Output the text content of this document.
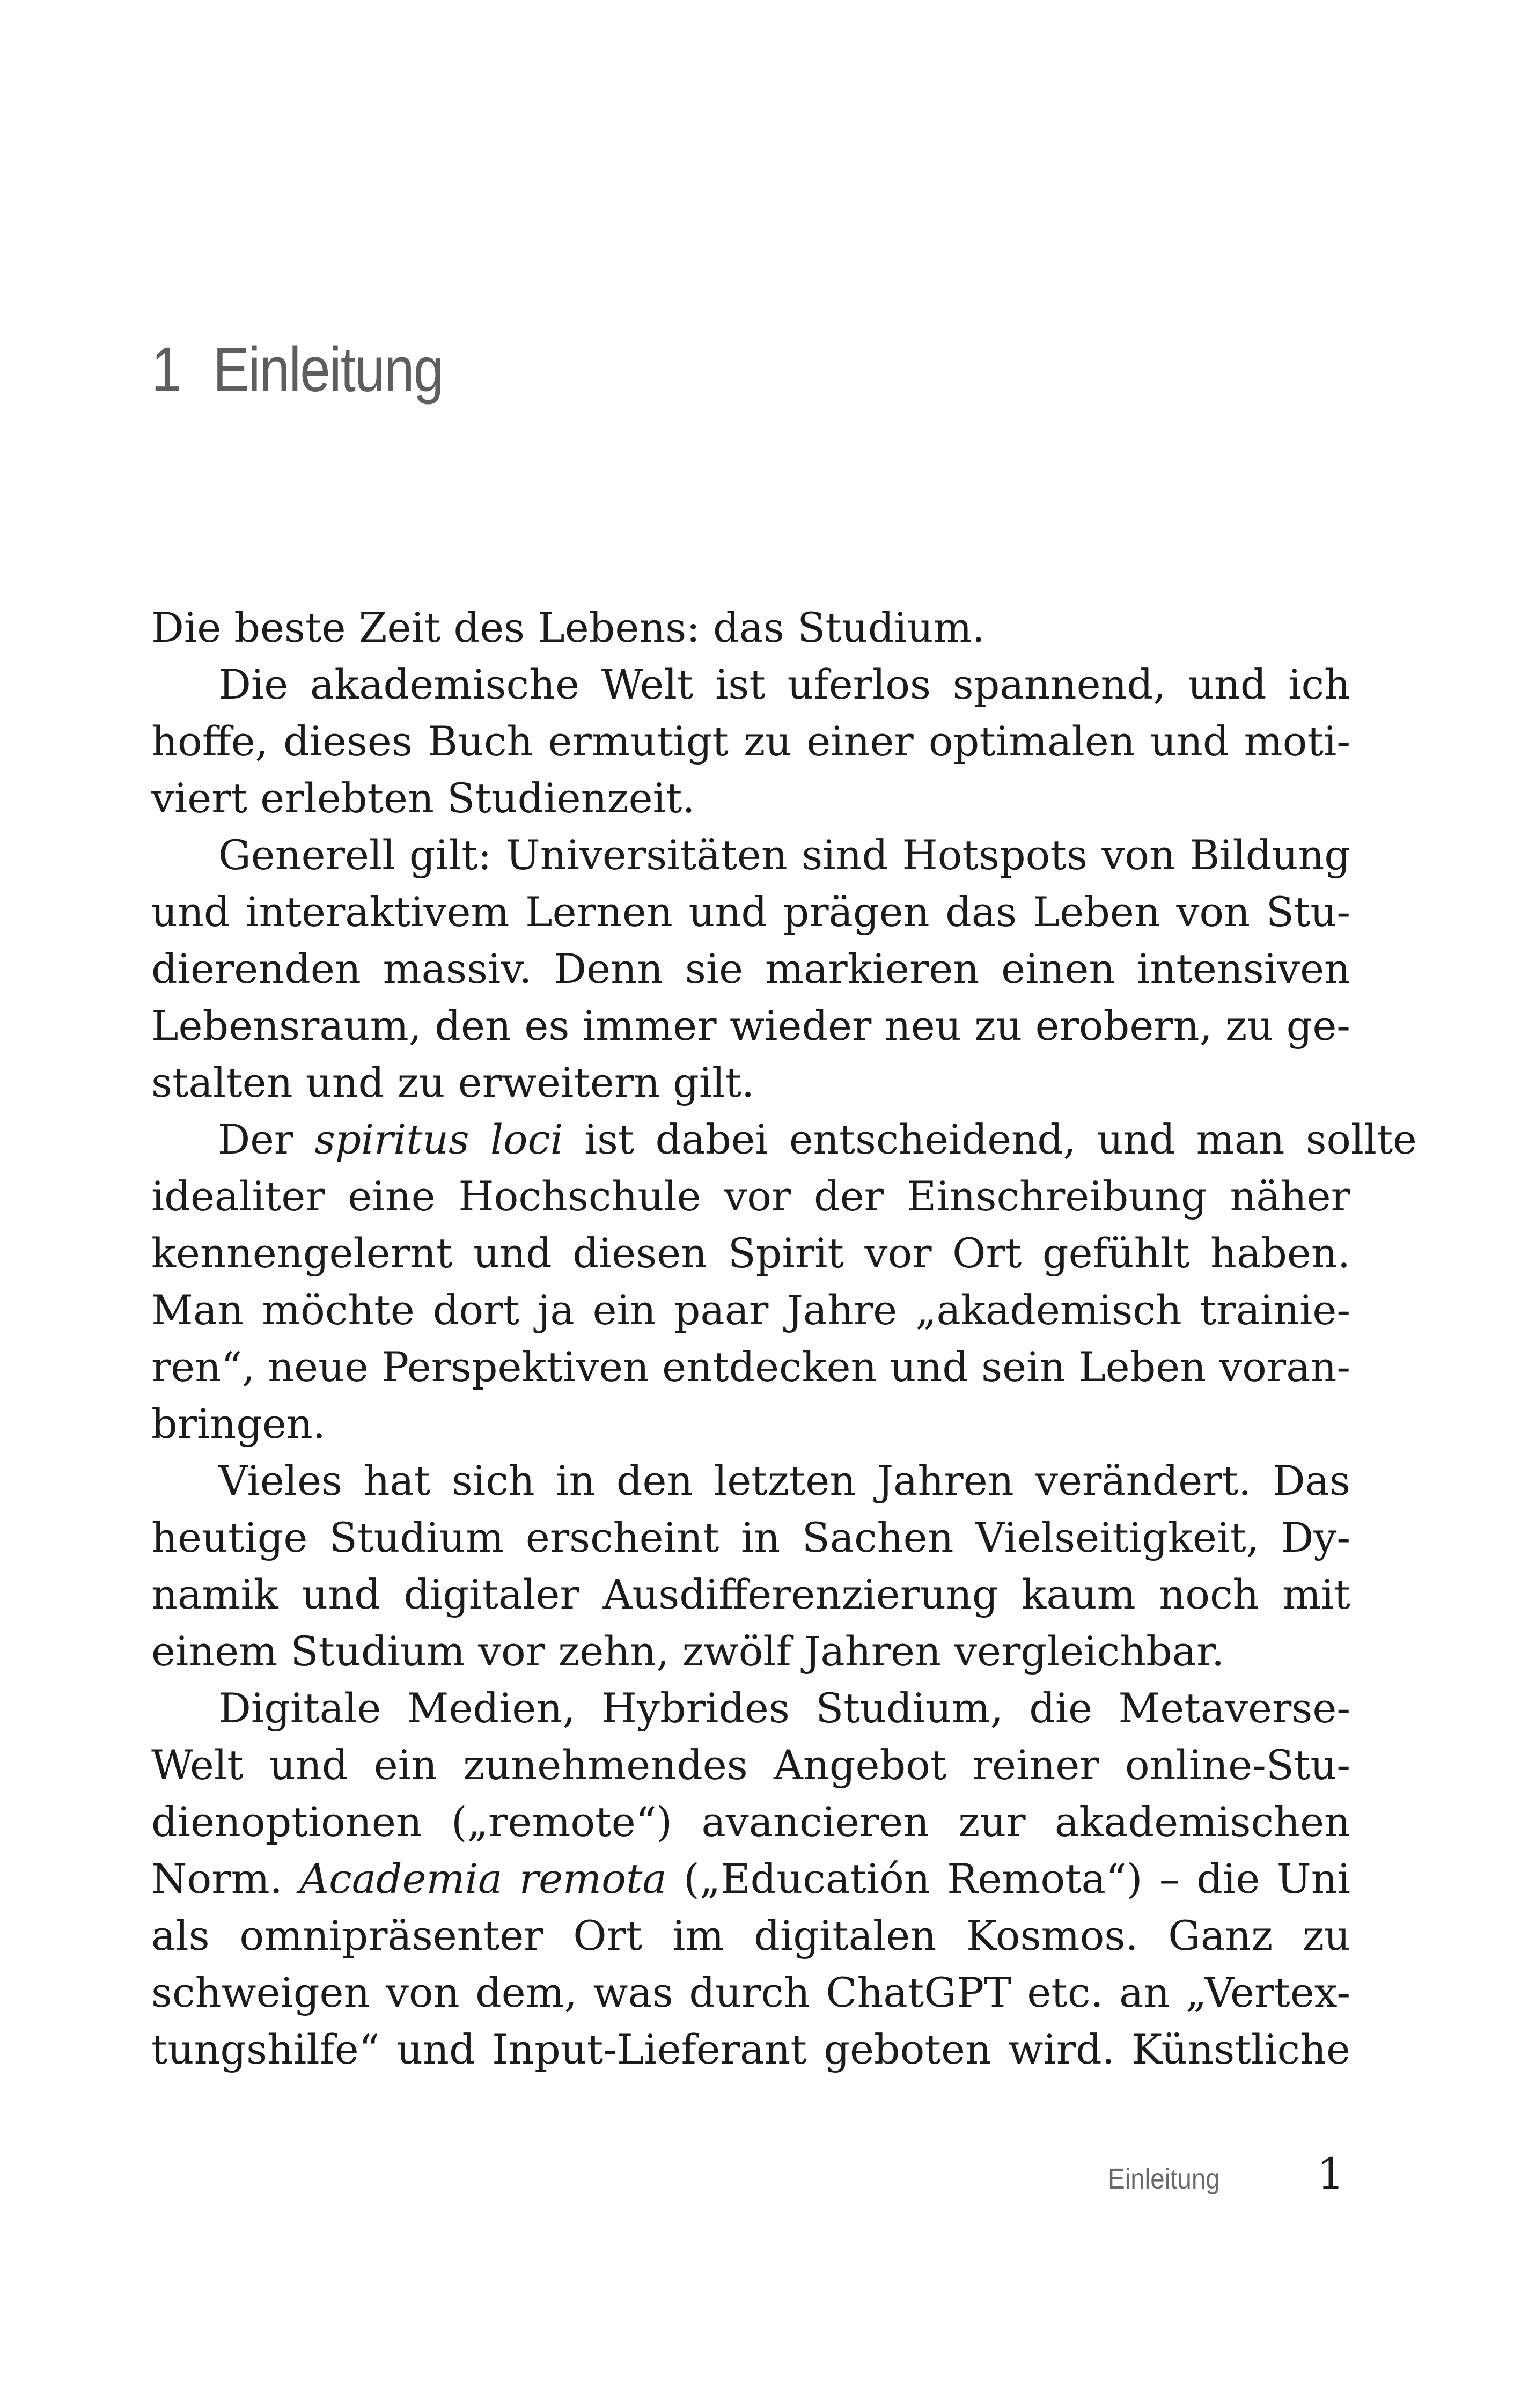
1 Einleitung
Die beste Zeit des Lebens: das Studium.
Die akademische Welt ist uferlos spannend, und ich
hoffe, dieses Buch ermutigt zu einer optimalen und moti-
viert erlebten Studienzeit.
Generell gilt: Universitäten sind Hotspots von Bildung
und interaktivem Lernen und prägen das Leben von Stu-
dierenden massiv. Denn sie markieren einen intensiven
Lebensraum, den es immer wieder neu zu erobern, zu ge-
stalten und zu erweitern gilt.
Der spiritus loci ist dabei entscheidend, und man sollte
idealiter eine Hochschule vor der Einschreibung näher
kennengelernt und diesen Spirit vor Ort gefühlt haben.
Man möchte dort ja ein paar Jahre „akademisch trainie-
ren“, neue Perspektiven entdecken und sein Leben voran-
bringen.
Vieles hat sich in den letzten Jahren verändert. Das
heutige Studium erscheint in Sachen Vielseitigkeit, Dy-
namik und digitaler Ausdifferenzierung kaum noch mit
einem Studium vor zehn, zwölf Jahren vergleichbar.
Digitale Medien, Hybrides Studium, die Metaverse-
Welt und ein zunehmendes Angebot reiner online-Stu-
dienoptionen („remote“) avancieren zur akademischen
Norm. Academia remota („Educatión Remota“) – die Uni
als omnipräsenter Ort im digitalen Kosmos. Ganz zu
schweigen von dem, was durch ChatGPT etc. an „Vertex-
tungshilfe“ und Input-Lieferant geboten wird. Künstliche
Einleitung 1
